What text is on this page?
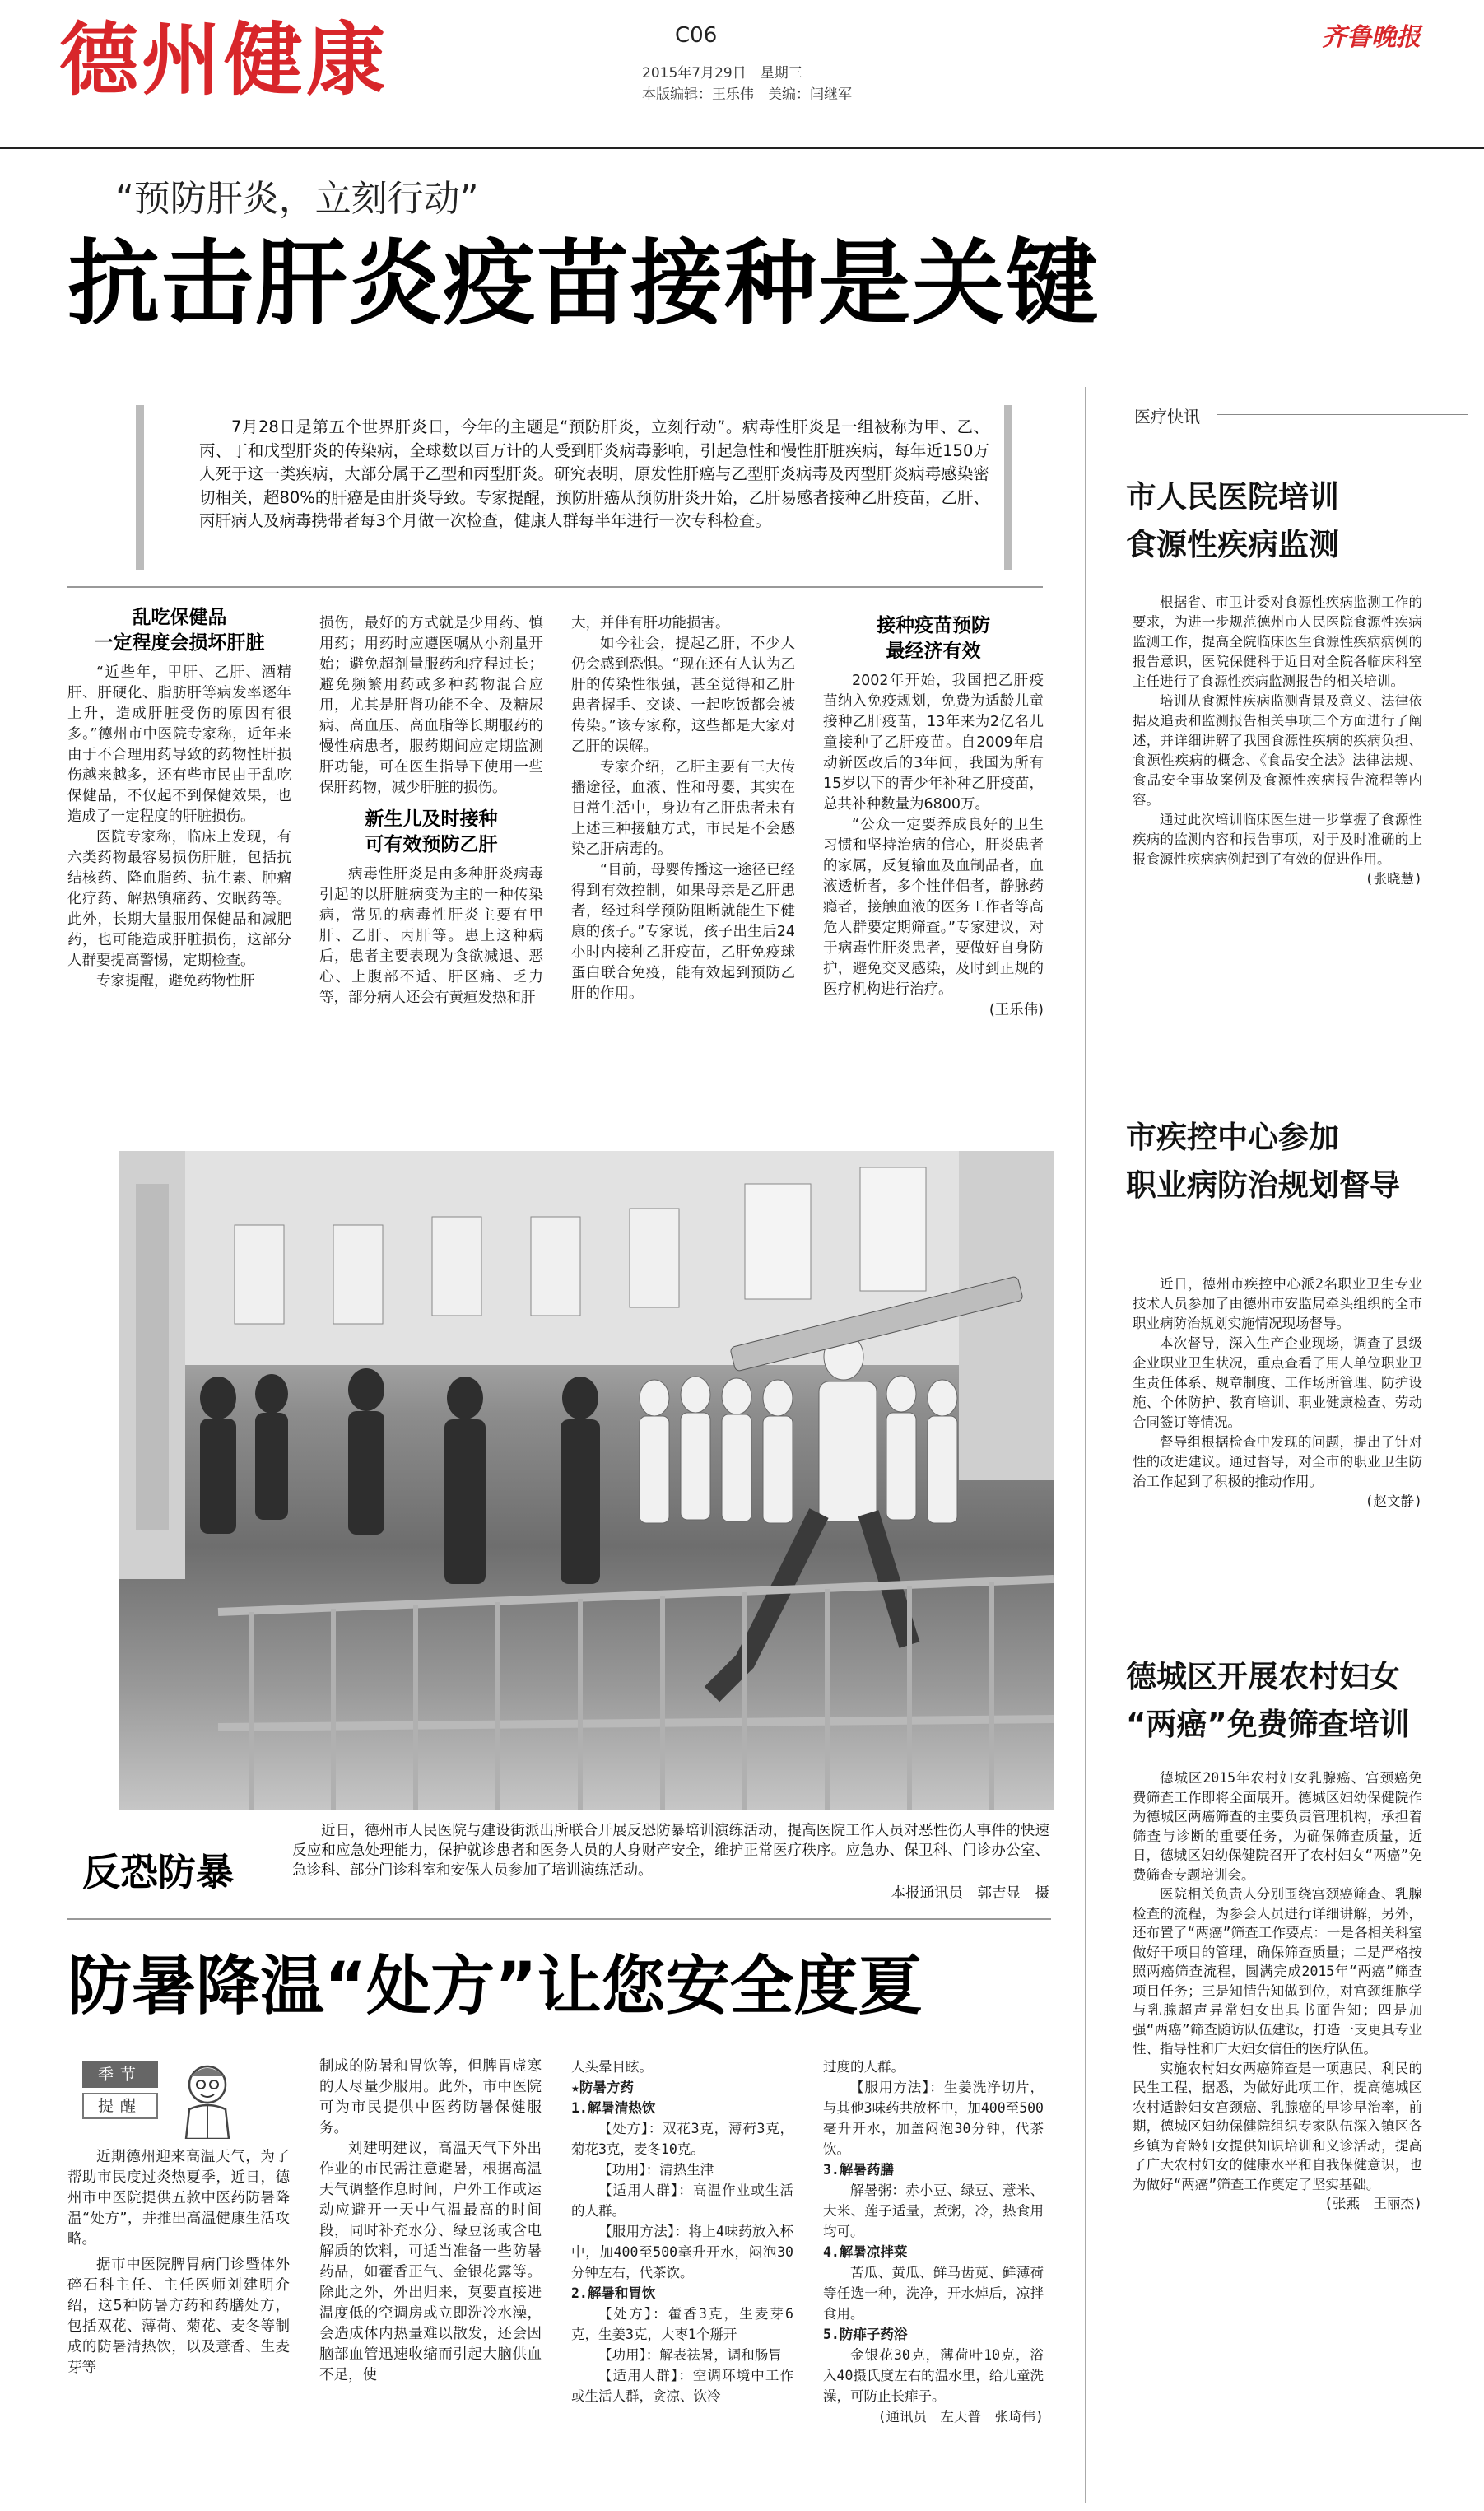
德州健康	C06
2015年7月29日　星期三
本版编辑：王乐伟　美编：闫继军
齐鲁晚报
“预防肝炎，立刻行动”
抗击肝炎疫苗接种是关键
7月28日是第五个世界肝炎日，今年的主题是“预防肝炎，立刻行动”。病毒性肝炎是一组被称为甲、乙、丙、丁和戊型肝炎的传染病，全球数以百万计的人受到肝炎病毒影响，引起急性和慢性肝脏疾病，每年近150万人死于这一类疾病，大部分属于乙型和丙型肝炎。研究表明，原发性肝癌与乙型肝炎病毒及丙型肝炎病毒感染密切相关，超80%的肝癌是由肝炎导致。专家提醒，预防肝癌从预防肝炎开始，乙肝易感者接种乙肝疫苗，乙肝、丙肝病人及病毒携带者每3个月做一次检查，健康人群每半年进行一次专科检查。
乱吃保健品
一定程度会损坏肝脏

“近些年，甲肝、乙肝、酒精肝、肝硬化、脂肪肝等病发率逐年上升，造成肝脏受伤的原因有很多。”德州市中医院专家称，近年来由于不合理用药导致的药物性肝损伤越来越多，还有些市民由于乱吃保健品，不仅起不到保健效果，也造成了一定程度的肝脏损伤。

医院专家称，临床上发现，有六类药物最容易损伤肝脏，包括抗结核药、降血脂药、抗生素、肿瘤化疗药、解热镇痛药、安眠药等。此外，长期大量服用保健品和减肥药，也可能造成肝脏损伤，这部分人群要提高警惕，定期检查。

专家提醒，避免药物性肝

损伤，最好的方式就是少用药、慎用药；用药时应遵医嘱从小剂量开始；避免超剂量服药和疗程过长；避免频繁用药或多种药物混合应用，尤其是肝肾功能不全、及糖尿病、高血压、高血脂等长期服药的慢性病患者，服药期间应定期监测肝功能，可在医生指导下使用一些保肝药物，减少肝脏的损伤。

新生儿及时接种
可有效预防乙肝

病毒性肝炎是由多种肝炎病毒引起的以肝脏病变为主的一种传染病，常见的病毒性肝炎主要有甲肝、乙肝、丙肝等。患上这种病后，患者主要表现为食欲减退、恶心、上腹部不适、肝区痛、乏力等，部分病人还会有黄疸发热和肝

大，并伴有肝功能损害。

如今社会，提起乙肝，不少人仍会感到恐惧。“现在还有人认为乙肝的传染性很强，甚至觉得和乙肝患者握手、交谈、一起吃饭都会被传染。”该专家称，这些都是大家对乙肝的误解。

专家介绍，乙肝主要有三大传播途径，血液、性和母婴，其实在日常生活中，身边有乙肝患者未有上述三种接触方式，市民是不会感染乙肝病毒的。

“目前，母婴传播这一途径已经得到有效控制，如果母亲是乙肝患者，经过科学预防阻断就能生下健康的孩子。”专家说，孩子出生后24小时内接种乙肝疫苗，乙肝免疫球蛋白联合免疫，能有效起到预防乙肝的作用。

接种疫苗预防
最经济有效

2002年开始，我国把乙肝疫苗纳入免疫规划，免费为适龄儿童接种乙肝疫苗，13年来为2亿名儿童接种了乙肝疫苗。自2009年启动新医改后的3年间，我国为所有15岁以下的青少年补种乙肝疫苗，总共补种数量为6800万。

“公众一定要养成良好的卫生习惯和坚持治病的信心，肝炎患者的家属，反复输血及血制品者，血液透析者，多个性伴侣者，静脉药瘾者，接触血液的医务工作者等高危人群要定期筛查。”专家建议，对于病毒性肝炎患者，要做好自身防护，避免交叉感染，及时到正规的医疗机构进行治疗。

(王乐伟)

反恐防暴
近日，德州市人民医院与建设街派出所联合开展反恐防暴培训演练活动，提高医院工作人员对恶性伤人事件的快速反应和应急处理能力，保护就诊患者和医务人员的人身财产安全，维护正常医疗秩序。应急办、保卫科、门诊办公室、急诊科、部分门诊科室和安保人员参加了培训演练活动。
本报通讯员　郭吉显　摄
防暑降温“处方”让您安全度夏
季节
提醒

近期德州迎来高温天气，为了帮助市民度过炎热夏季，近日，德州市中医院提供五款中医药防暑降温“处方”，并推出高温健康生活攻略。

据市中医院脾胃病门诊暨体外碎石科主任、主任医师刘建明介绍，这5种防暑方药和药膳处方，包括双花、薄荷、菊花、麦冬等制成的防暑清热饮，以及薏香、生麦芽等

制成的防暑和胃饮等，但脾胃虚寒的人尽量少服用。此外，市中医院可为市民提供中医药防暑保健服务。

刘建明建议，高温天气下外出作业的市民需注意避暑，根据高温天气调整作息时间，户外工作或运动应避开一天中气温最高的时间段，同时补充水分、绿豆汤或含电解质的饮料，可适当准备一些防暑药品，如藿香正气、金银花露等。除此之外，外出归来，莫要直接进温度低的空调房或立即洗冷水澡，会造成体内热量难以散发，还会因脑部血管迅速收缩而引起大脑供血不足，使

人头晕目眩。

★防暑方药

1.解暑清热饮

【处方】：双花3克，薄荷3克，菊花3克，麦冬10克。

【功用】：清热生津

【适用人群】：高温作业或生活的人群。

【服用方法】：将上4味药放入杯中，加400至500毫升开水，闷泡30分钟左右，代茶饮。

2.解暑和胃饮

【处方】：藿香3克，生麦芽6克，生姜3克，大枣1个掰开

【功用】：解表祛暑，调和肠胃

【适用人群】：空调环境中工作或生活人群，贪凉、饮冷

过度的人群。

【服用方法】：生姜洗净切片，与其他3味药共放杯中，加400至500毫升开水，加盖闷泡30分钟，代茶饮。

3.解暑药膳

解暑粥：赤小豆、绿豆、薏米、大米、莲子适量，煮粥，冷，热食用均可。

4.解暑凉拌菜

苦瓜、黄瓜、鲜马齿苋、鲜薄荷等任选一种，洗净，开水焯后，凉拌食用。

5.防痱子药浴

金银花30克，薄荷叶10克，浴入40摄氏度左右的温水里，给儿童洗澡，可防止长痱子。

(通讯员　左天普　张琦伟)

医疗快讯
市人民医院培训
食源性疾病监测

根据省、市卫计委对食源性疾病监测工作的要求，为进一步规范德州市人民医院食源性疾病监测工作，提高全院临床医生食源性疾病病例的报告意识，医院保健科于近日对全院各临床科室主任进行了食源性疾病监测报告的相关培训。

培训从食源性疾病监测背景及意义、法律依据及追责和监测报告相关事项三个方面进行了阐述，并详细讲解了我国食源性疾病的疾病负担、食源性疾病的概念、《食品安全法》法律法规、食品安全事故案例及食源性疾病报告流程等内容。

通过此次培训临床医生进一步掌握了食源性疾病的监测内容和报告事项，对于及时准确的上报食源性疾病病例起到了有效的促进作用。

(张晓慧)

市疾控中心参加
职业病防治规划督导

近日，德州市疾控中心派2名职业卫生专业技术人员参加了由德州市安监局牵头组织的全市职业病防治规划实施情况现场督导。

本次督导，深入生产企业现场，调查了县级企业职业卫生状况，重点查看了用人单位职业卫生责任体系、规章制度、工作场所管理、防护设施、个体防护、教育培训、职业健康检查、劳动合同签订等情况。

督导组根据检查中发现的问题，提出了针对性的改进建议。通过督导，对全市的职业卫生防治工作起到了积极的推动作用。

(赵文静)

德城区开展农村妇女
“两癌”免费筛查培训

德城区2015年农村妇女乳腺癌、宫颈癌免费筛查工作即将全面展开。德城区妇幼保健院作为德城区两癌筛查的主要负责管理机构，承担着筛查与诊断的重要任务，为确保筛查质量，近日，德城区妇幼保健院召开了农村妇女“两癌”免费筛查专题培训会。

医院相关负责人分别围绕宫颈癌筛查、乳腺检查的流程，为参会人员进行详细讲解，另外，还布置了“两癌”筛查工作要点：一是各相关科室做好干项目的管理，确保筛查质量；二是严格按照两癌筛查流程，圆满完成2015年“两癌”筛查项目任务；三是知情告知做到位，对宫颈细胞学与乳腺超声异常妇女出具书面告知；四是加强“两癌”筛查随访队伍建设，打造一支更具专业性、指导性和广大妇女信任的医疗队伍。

实施农村妇女两癌筛查是一项惠民、利民的民生工程，据悉，为做好此项工作，提高德城区农村适龄妇女宫颈癌、乳腺癌的早诊早治率，前期，德城区妇幼保健院组织专家队伍深入镇区各乡镇为育龄妇女提供知识培训和义诊活动，提高了广大农村妇女的健康水平和自我保健意识，也为做好“两癌”筛查工作奠定了坚实基础。

(张燕　王丽杰)
